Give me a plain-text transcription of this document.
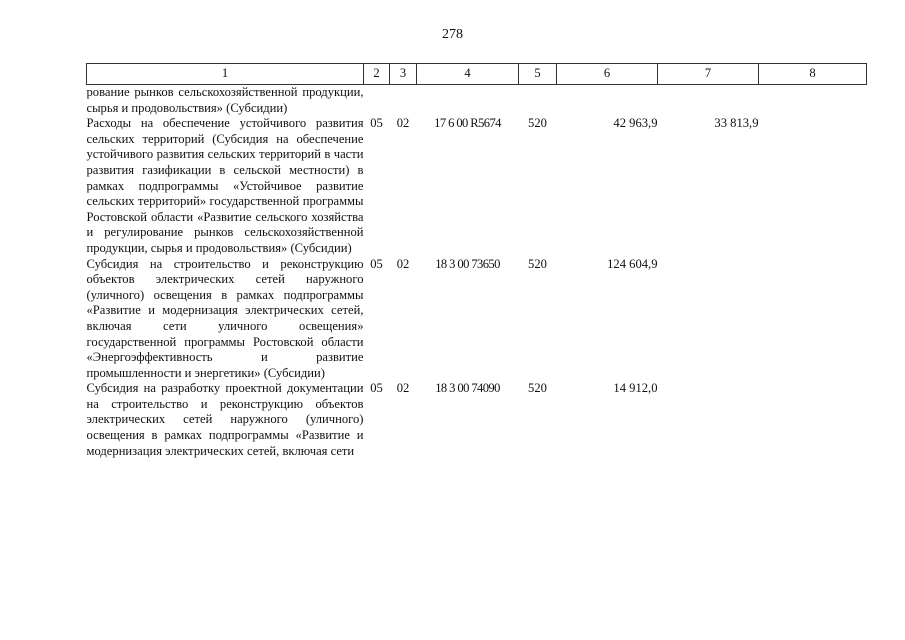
278
1	2	3	4	5	6	7	8
рование рынков сельскохозяйственной продукции, сырья и продовольствия» (Субсидии)							
Расходы на обеспечение устойчивого развития сельских территорий (Субсидия на обеспечение устойчивого развития сельских территорий в части развития газификации в сельской местности) в рамках подпрограммы «Устойчивое развитие сельских территорий» государственной программы Ростовской области «Развитие сельского хозяйства и регулирование рынков сельскохозяйственной продукции, сырья и продовольствия» (Субсидии)	05	02	17 6 00 R5674	520	42 963,9	33 813,9	
Субсидия на строительство и реконструкцию объектов электрических сетей наружного (уличного) освещения в рамках подпрограммы «Развитие и модернизация электрических сетей, включая сети уличного освещения» государственной программы Ростовской области «Энергоэффективность и развитие промышленности и энергетики» (Субсидии)	05	02	18 3 00 73650	520	124 604,9		
Субсидия на разработку проектной документации на строительство и реконструкцию объектов электрических сетей наружного (уличного) освещения в рамках подпрограммы «Развитие и модернизация электрических сетей, включая сети	05	02	18 3 00 74090	520	14 912,0		
